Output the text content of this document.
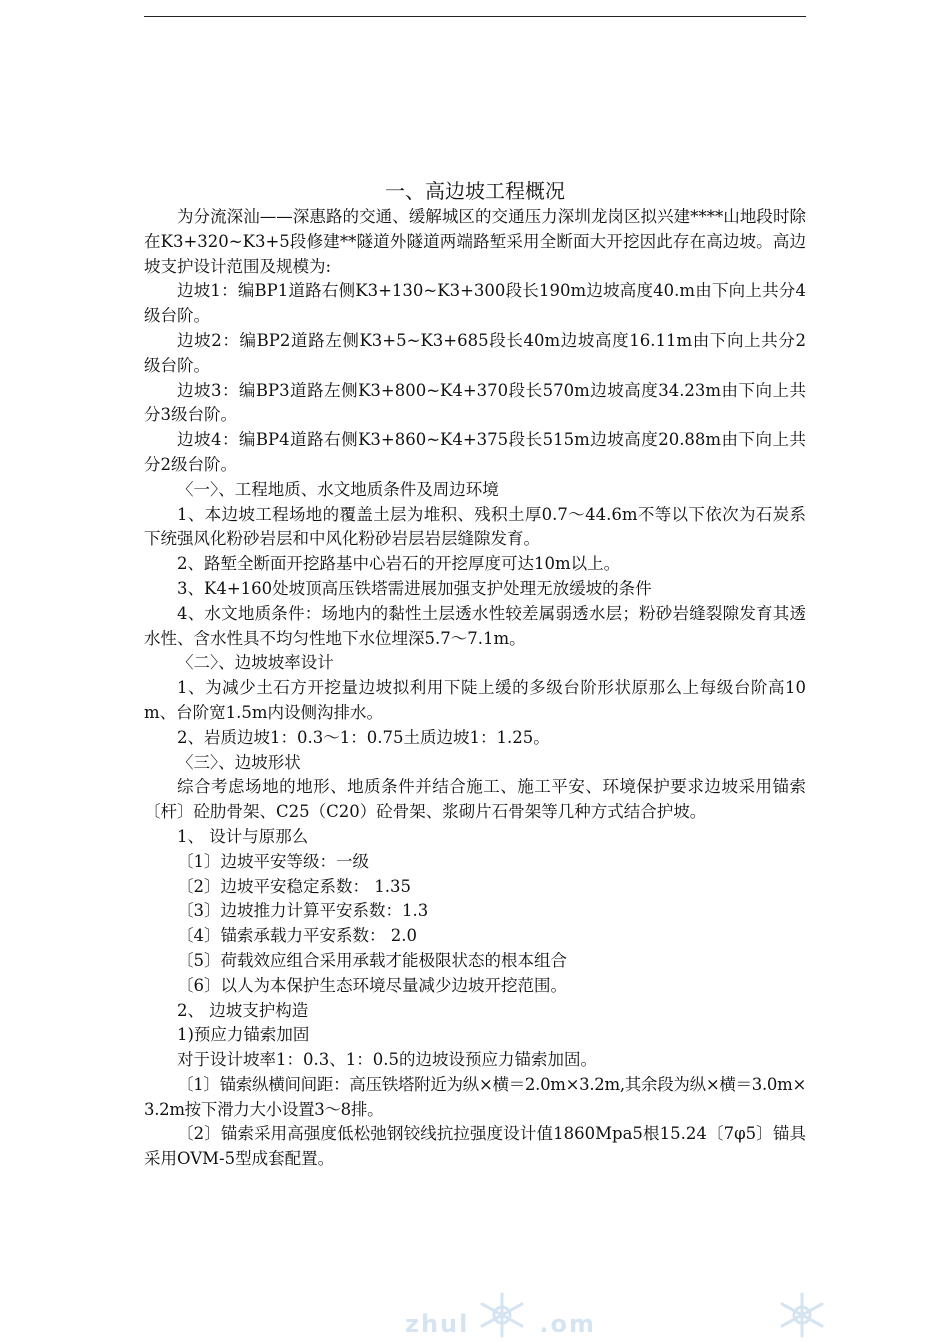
一、高边坡工程概况

为分流深汕——深惠路的交通、缓解城区的交通压力深圳龙岗区拟兴建****山地段时除在K3+320~K3+5段修建**隧道外隧道两端路堑采用全断面大开挖因此存在高边坡。高边坡支护设计范围及规模为:

边坡1：编BP1道路右侧K3+130~K3+300段长190m边坡高度40.m由下向上共分4级台阶。

边坡2：编BP2道路左侧K3+5~K3+685段长40m边坡高度16.11m由下向上共分2级台阶。

边坡3：编BP3道路左侧K3+800~K4+370段长570m边坡高度34.23m由下向上共分3级台阶。

边坡4：编BP4道路右侧K3+860~K4+375段长515m边坡高度20.88m由下向上共分2级台阶。

〈一〉、工程地质、水文地质条件及周边环境

1、本边坡工程场地的覆盖土层为堆积、残积土厚0.7～44.6m不等以下依次为石炭系下统强风化粉砂岩层和中风化粉砂岩层岩层缝隙发育。

2、路堑全断面开挖路基中心岩石的开挖厚度可达10m以上。

3、K4+160处坡顶高压铁塔需进展加强支护处理无放缓坡的条件

4、水文地质条件：场地内的黏性土层透水性较差属弱透水层；粉砂岩缝裂隙发育其透水性、含水性具不均匀性地下水位埋深5.7～7.1m。

〈二〉、边坡坡率设计

1、为减少土石方开挖量边坡拟利用下陡上缓的多级台阶形状原那么上每级台阶高10m、台阶宽1.5m内设侧沟排水。

2、岩质边坡1：0.3～1：0.75土质边坡1：1.25。

〈三〉、边坡形状

综合考虑场地的地形、地质条件并结合施工、施工平安、环境保护要求边坡采用锚索〔杆〕砼肋骨架、C25（C20）砼骨架、浆砌片石骨架等几种方式结合护坡。

1、 设计与原那么

〔1〕边坡平安等级：一级

〔2〕边坡平安稳定系数： 1.35

〔3〕边坡推力计算平安系数：1.3

〔4〕锚索承载力平安系数： 2.0

〔5〕荷载效应组合采用承载才能极限状态的根本组合

〔6〕以人为本保护生态环境尽量减少边坡开挖范围。

2、 边坡支护构造

1)预应力锚索加固

对于设计坡率1：0.3、1：0.5的边坡设预应力锚索加固。

〔1〕锚索纵横间间距：高压铁塔附近为纵×横＝2.0m×3.2m,其余段为纵×横＝3.0m×3.2m按下滑力大小设置3～8排。

〔2〕锚索采用高强度低松弛钢铰线抗拉强度设计值1860Mpa5根15.24〔7φ5〕锚具采用OVM-5型成套配置。

zhul	.om
